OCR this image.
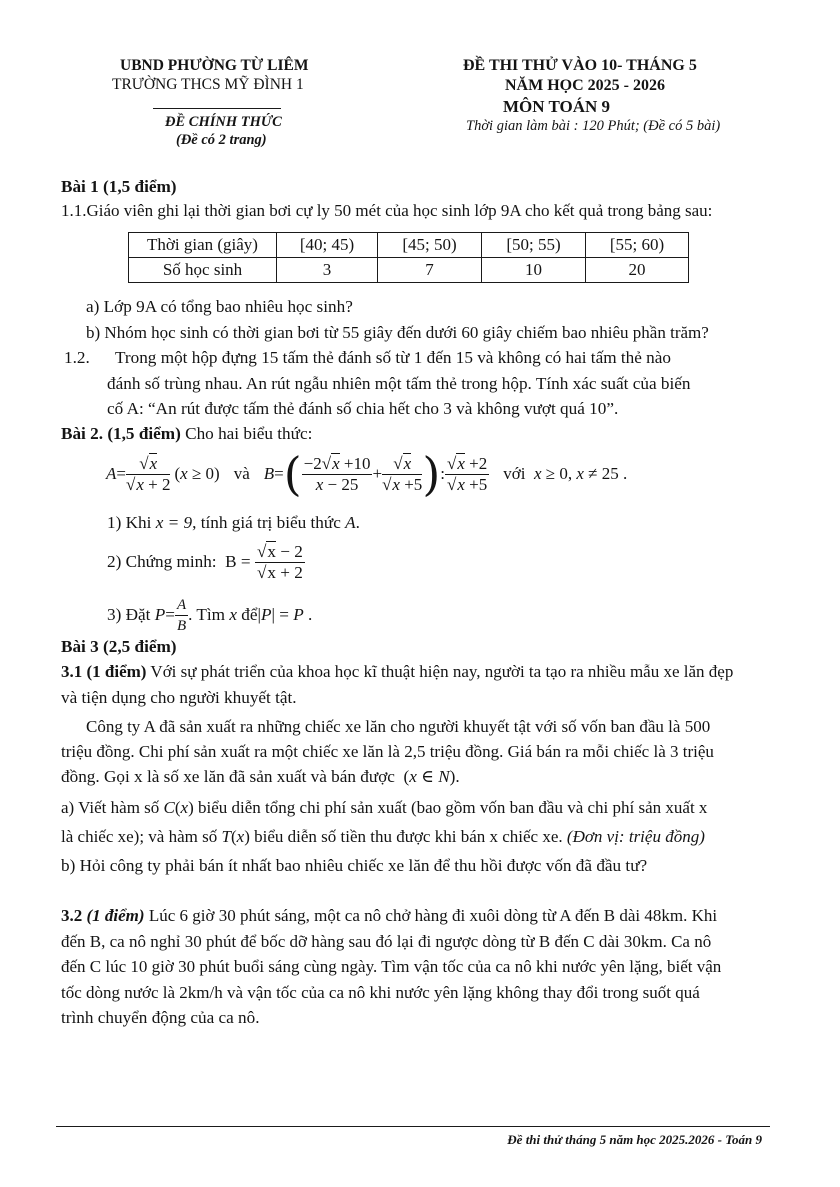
UBND PHƯỜNG TỪ LIÊM
TRƯỜNG THCS MỸ ĐÌNH 1
ĐỀ CHÍNH THỨC
(Đề có 2 trang)
ĐỀ THI THỬ VÀO 10- THÁNG 5
NĂM HỌC 2025 - 2026
MÔN TOÁN 9
Thời gian làm bài : 120 Phút; (Đề có 5 bài)
Bài 1 (1,5 điểm)
1.1.Giáo viên ghi lại thời gian bơi cự ly 50 mét của học sinh lớp 9A cho kết quả trong bảng sau:
Thời gian (giây)	[40; 45)	[45; 50)	[50; 55)	[55; 60)
Số học sinh	3	7	10	20
a) Lớp 9A có tổng bao nhiêu học sinh?
b) Nhóm học sinh có thời gian bơi từ 55 giây đến dưới 60 giây chiếm bao nhiêu phần trăm?
1.2. Trong một hộp đựng 15 tấm thẻ đánh số từ 1 đến 15 và không có hai tấm thẻ nào
đánh số trùng nhau. An rút ngẫu nhiên một tấm thẻ trong hộp. Tính xác suất của biến
cố A: “An rút được tấm thẻ đánh số chia hết cho 3 và không vượt quá 10”.
Bài 2. (1,5 điểm) Cho hai biểu thức:
$A = \frac{√x}{√x + 2} (x \ge 0)$ và B = ( $\frac{-2√x +10}{x - 25} + \frac{√x}{√x +5}$ ) : $\frac{√x +2}{√x +5}$ với  x ≥ 0, x ≠ 25 .
1) Khi x = 9, tính giá trị biểu thức A.
2) Chứng minh:  $B = \frac{√x - 2}{√x + 2}$
3) Đặt $P = \frac{A}{B}$ . Tìm x để |P| = P .
Bài 3 (2,5 điểm)
3.1 (1 điểm) Với sự phát triển của khoa học kĩ thuật hiện nay, người ta tạo ra nhiều mẫu xe lăn đẹp
và tiện dụng cho người khuyết tật.
Công ty A đã sản xuất ra những chiếc xe lăn cho người khuyết tật với số vốn ban đầu là 500
triệu đồng. Chi phí sản xuất ra một chiếc xe lăn là 2,5 triệu đồng. Giá bán ra mỗi chiếc là 3 triệu
đồng. Gọi x là số xe lăn đã sản xuất và bán được  (x ∈ N).
a) Viết hàm số C(x) biểu diễn tổng chi phí sản xuất (bao gồm vốn ban đầu và chi phí sản xuất x
là chiếc xe); và hàm số T(x) biểu diễn số tiền thu được khi bán x chiếc xe. (Đơn vị: triệu đồng)
b) Hỏi công ty phải bán ít nhất bao nhiêu chiếc xe lăn để thu hồi được vốn đã đầu tư?
3.2 (1 điểm) Lúc 6 giờ 30 phút sáng, một ca nô chở hàng đi xuôi dòng từ A đến B dài 48km. Khi
đến B, ca nô nghỉ 30 phút để bốc dỡ hàng sau đó lại đi ngược dòng từ B đến C dài 30km. Ca nô
đến C lúc 10 giờ 30 phút buổi sáng cùng ngày. Tìm vận tốc của ca nô khi nước yên lặng, biết vận
tốc dòng nước là 2km/h và vận tốc của ca nô khi nước yên lặng không thay đổi trong suốt quá
trình chuyển động của ca nô.
Đề thi thử tháng 5 năm học 2025.2026 - Toán 9
